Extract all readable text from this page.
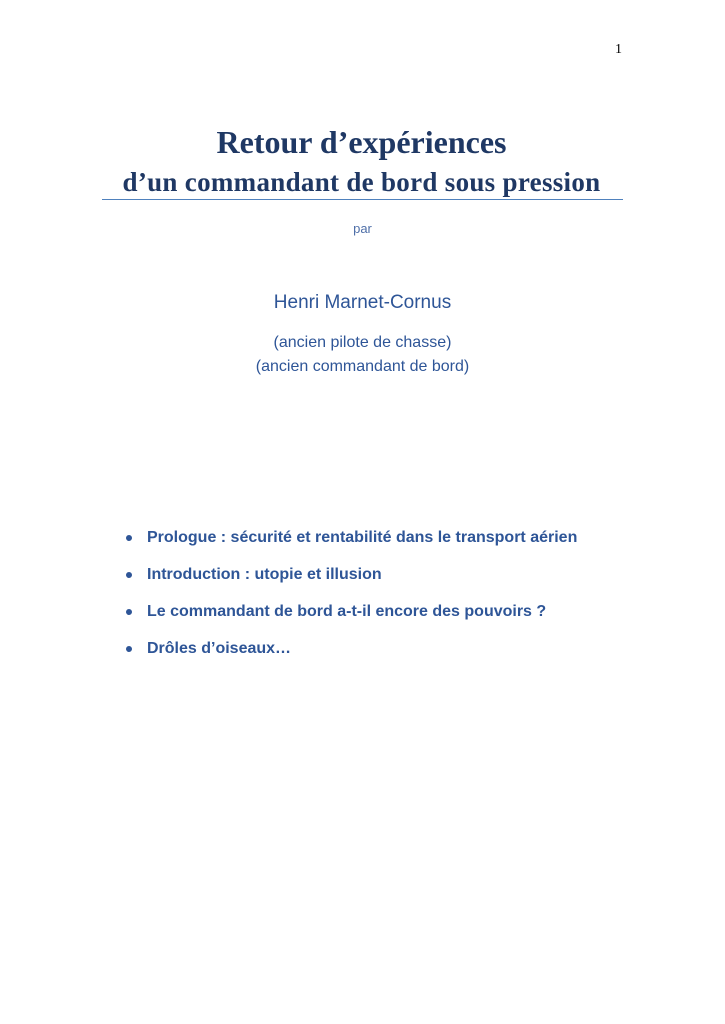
1
Retour d’expériences
d’un commandant de bord sous pression
par
Henri Marnet-Cornus
(ancien pilote de chasse)
(ancien commandant de bord)
Prologue : sécurité et rentabilité dans le transport aérien
Introduction : utopie et illusion
Le commandant de bord a-t-il encore des pouvoirs ?
Drôles d’oiseaux…
